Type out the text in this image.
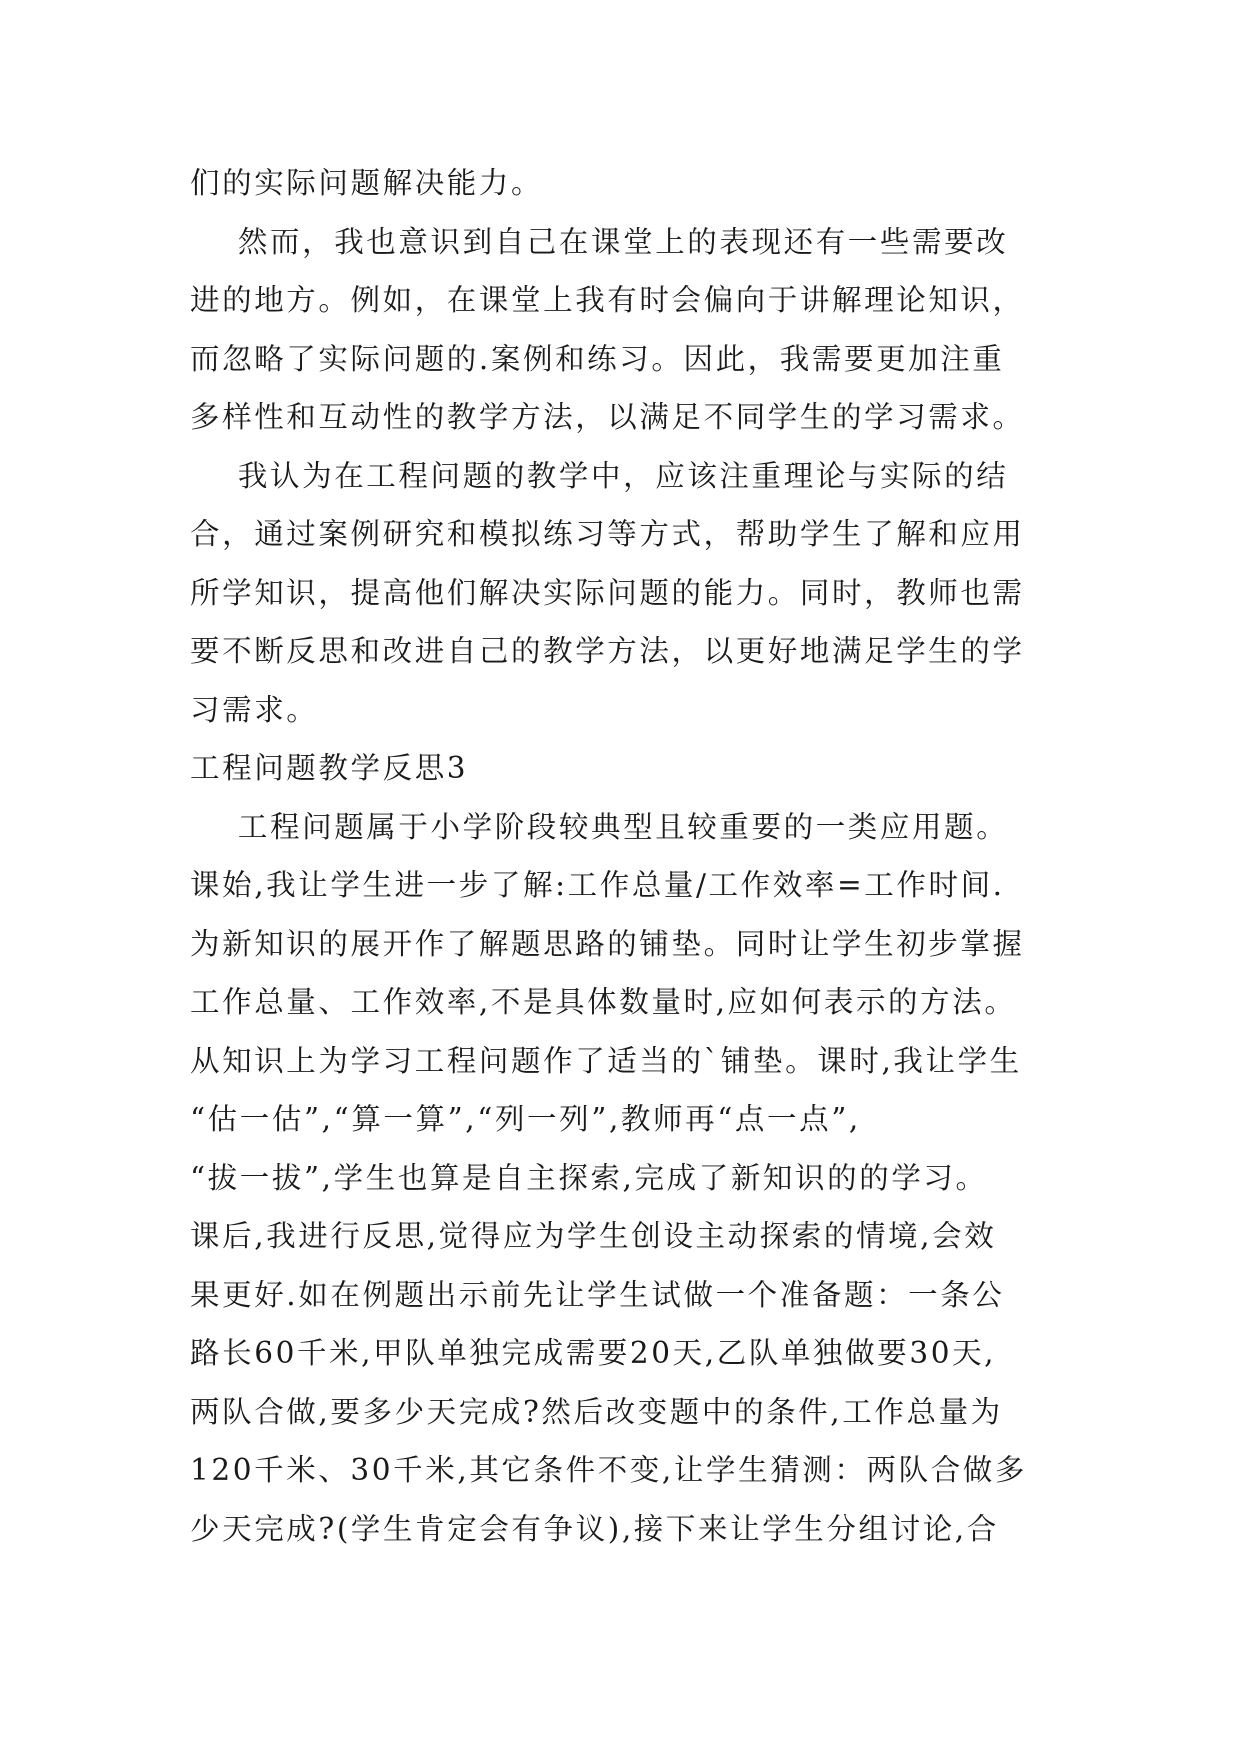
们的实际问题解决能力。
然而，我也意识到自己在课堂上的表现还有一些需要改
进的地方。例如，在课堂上我有时会偏向于讲解理论知识，
而忽略了实际问题的.案例和练习。因此，我需要更加注重
多样性和互动性的教学方法，以满足不同学生的学习需求。
我认为在工程问题的教学中，应该注重理论与实际的结
合，通过案例研究和模拟练习等方式，帮助学生了解和应用
所学知识，提高他们解决实际问题的能力。同时，教师也需
要不断反思和改进自己的教学方法，以更好地满足学生的学
习需求。
工程问题教学反思3
工程问题属于小学阶段较典型且较重要的一类应用题。
课始,我让学生进一步了解:工作总量/工作效率=工作时间.
为新知识的展开作了解题思路的铺垫。同时让学生初步掌握
工作总量、工作效率,不是具体数量时,应如何表示的方法。
从知识上为学习工程问题作了适当的`铺垫。课时,我让学生
“估一估”,“算一算”,“列一列”,教师再“点一点”,
“拔一拔”,学生也算是自主探索,完成了新知识的的学习。
课后,我进行反思,觉得应为学生创设主动探索的情境,会效
果更好.如在例题出示前先让学生试做一个准备题：一条公
路长60千米,甲队单独完成需要20天,乙队单独做要30天,
两队合做,要多少天完成?然后改变题中的条件,工作总量为
120千米、30千米,其它条件不变,让学生猜测：两队合做多
少天完成?(学生肯定会有争议),接下来让学生分组讨论,合
